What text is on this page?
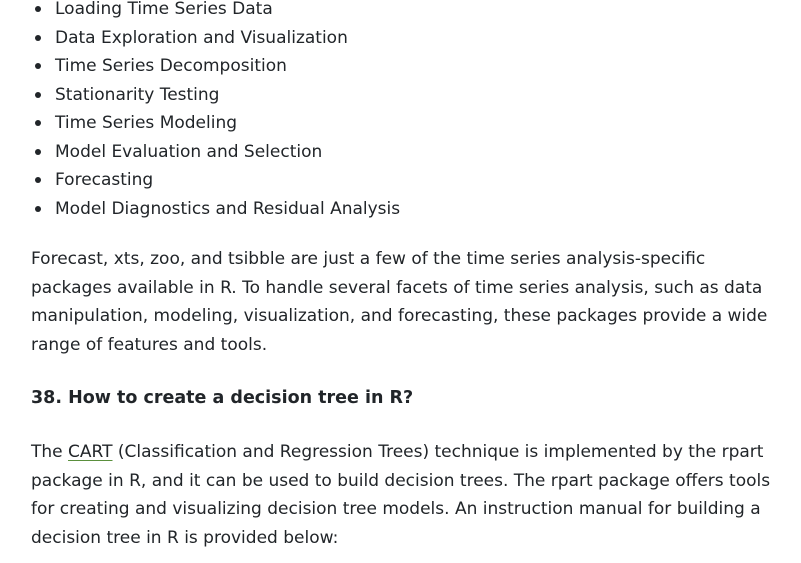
Loading Time Series Data
Data Exploration and Visualization
Time Series Decomposition
Stationarity Testing
Time Series Modeling
Model Evaluation and Selection
Forecasting
Model Diagnostics and Residual Analysis

Forecast, xts, zoo, and tsibble are just a few of the time series analysis-specific packages available in R. To handle several facets of time series analysis, such as data manipulation, modeling, visualization, and forecasting, these packages provide a wide range of features and tools.

38. How to create a decision tree in R?

The CART (Classification and Regression Trees) technique is implemented by the rpart package in R, and it can be used to build decision trees. The rpart package offers tools for creating and visualizing decision tree models. An instruction manual for building a decision tree in R is provided below:
